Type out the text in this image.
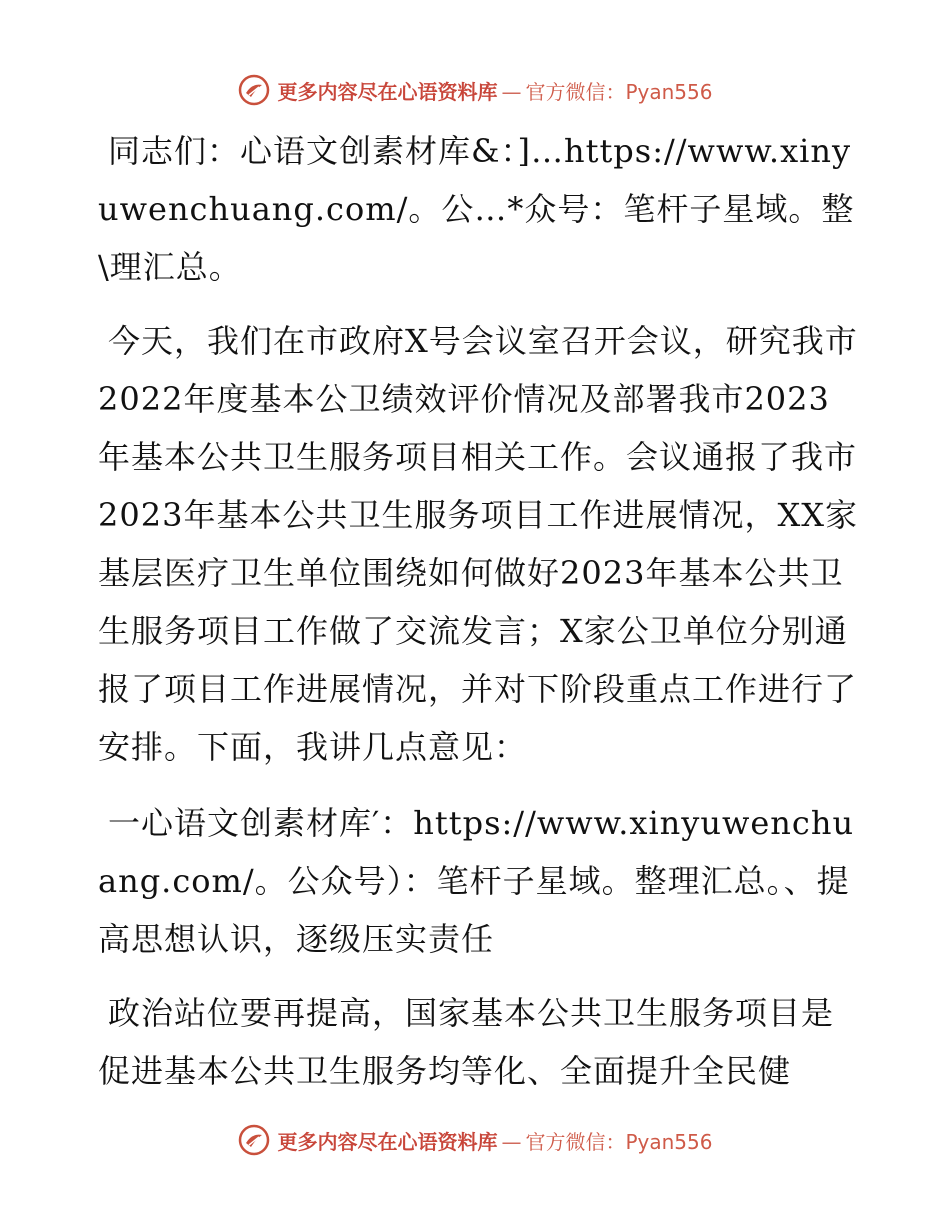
更多内容尽在心语资料库 — 官方微信：Pyan556

同志们：心语文创素材库&：]…https://www.xinyuwenchuang.com/。公…*众号：笔杆子星域。整\理汇总。

今天，我们在市政府X号会议室召开会议，研究我市2022年度基本公卫绩效评价情况及部署我市2023年基本公共卫生服务项目相关工作。会议通报了我市2023年基本公共卫生服务项目工作进展情况，XX家基层医疗卫生单位围绕如何做好2023年基本公共卫生服务项目工作做了交流发言；X家公卫单位分别通报了项目工作进展情况，并对下阶段重点工作进行了安排。下面，我讲几点意见：

一心语文创素材库′：https://www.xinyuwenchuang.com/。公众号）：笔杆子星域。整理汇总。、提高思想认识，逐级压实责任

政治站位要再提高，国家基本公共卫生服务项目是促进基本公共卫生服务均等化、全面提升全民健

更多内容尽在心语资料库 — 官方微信：Pyan556
